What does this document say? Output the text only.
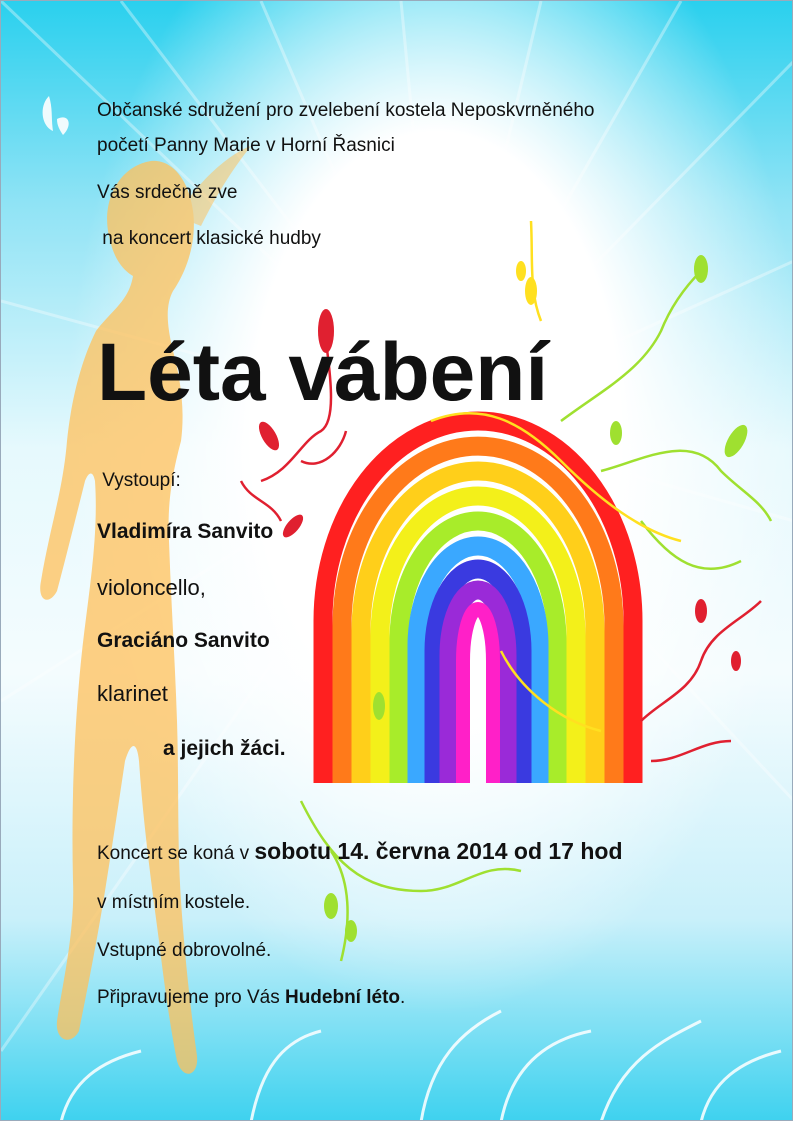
Občanské sdružení pro zvelebení kostela Neposkvrněného

početí Panny Marie v Horní Řasnici

Vás srdečně zve

na koncert klasické hudby

Léta vábení

Vystoupí:

Vladimíra Sanvito

violoncello,

Graciáno Sanvito

klarinet

a jejich žáci.

Koncert se koná v sobotu 14. června 2014 od 17 hod

v místním kostele.

Vstupné dobrovolné.

Připravujeme pro Vás Hudební léto.
